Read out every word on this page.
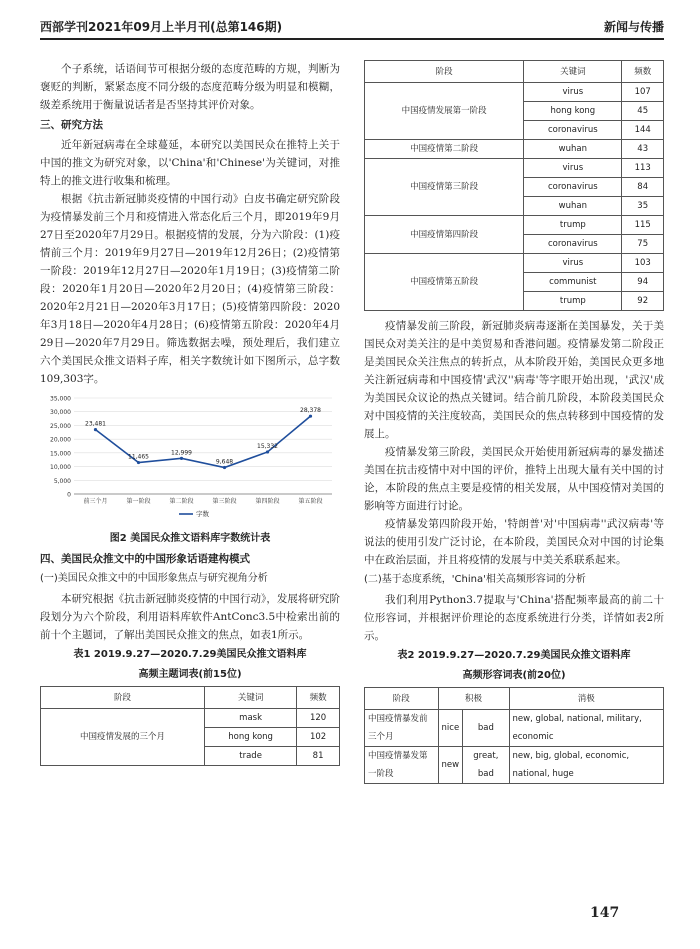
西部学刊2021年09月上半月刊(总第146期)	新闻与传播

个子系统，话语间节可根据分级的态度范畴的方规，判断为褒贬的判断，紧紧态度不同分级的态度范畴分级为明显和模糊，级差系统用于衡量说话者是否坚持其评价对象。

三、研究方法

近年新冠病毒在全球蔓延，本研究以美国民众在推特上关于中国的推文为研究对象，以'China'和'Chinese'为关键词，对推特上的推文进行收集和梳理。

根据《抗击新冠肺炎疫情的中国行动》白皮书确定研究阶段为疫情暴发前三个月和疫情进入常态化后三个月，即2019年9月27日至2020年7月29日。根据疫情的发展，分为六阶段：(1)疫情前三个月：2019年9月27日—2019年12月26日；(2)疫情第一阶段：2019年12月27日—2020年1月19日；(3)疫情第二阶段：2020年1月20日—2020年2月20日；(4)疫情第三阶段：2020年2月21日—2020年3月17日；(5)疫情第四阶段：2020年3月18日—2020年4月28日；(6)疫情第五阶段：2020年4月29日—2020年7月29日。筛选数据去噪，预处理后，我们建立六个美国民众推文语料子库，相关字数统计如下图所示，总字数109,303字。

0
5,000
10,000
15,000
20,000
25,000
30,000
35,000
前三个月	第一阶段	第二阶段	第三阶段	第四阶段	第五阶段
23,481
11,465
12,999
9,648
15,332
28,378
字数

图2 美国民众推文语料库字数统计表

四、美国民众推文中的中国形象话语建构模式

(一)美国民众推文中的中国形象焦点与研究视角分析

本研究根据《抗击新冠肺炎疫情的中国行动》，发展将研究阶段划分为六个阶段，利用语料库软件AntConc3.5中检索出前的前十个主题词，了解出美国民众推文的焦点，如表1所示。

表1 2019.9.27—2020.7.29美国民众推文语料库

高频主题词表(前15位)

阶段	关键词	频数
中国疫情发展的三个月	mask	120
	hong kong	102
	trade	81
阶段	关键词	频数
中国疫情发展第一阶段	virus	107
	hong kong	45
	coronavirus	144
中国疫情第二阶段	wuhan	43
中国疫情第三阶段	virus	113
	coronavirus	84
	wuhan	35
中国疫情第四阶段	trump	115
	coronavirus	75
中国疫情第五阶段	virus	103
	communist	94
	trump	92

疫情暴发前三阶段，新冠肺炎病毒逐渐在美国暴发，关于美国民众对美关注的是中美贸易和香港问题。疫情暴发第二阶段正是美国民众关注焦点的转折点，从本阶段开始，美国民众更多地关注新冠病毒和中国疫情'武汉''病毒'等字眼开始出现，'武汉'成为美国民众议论的热点关键词。结合前几阶段，本阶段美国民众对中国疫情的关注度较高，美国民众的焦点转移到中国疫情的发展上。

疫情暴发第三阶段，美国民众开始使用新冠病毒的暴发描述美国在抗击疫情中对中国的评价，推特上出现大量有关中国的讨论，本阶段的焦点主要是疫情的相关发展，从中国疫情对美国的影响等方面进行讨论。

疫情暴发第四阶段开始，'特朗普'对'中国病毒''武汉病毒'等说法的使用引发广泛讨论，在本阶段，美国民众对中国的讨论集中在政治层面，并且将疫情的发展与中美关系联系起来。

(二)基于态度系统，'China'相关高频形容词的分析

我们利用Python3.7提取与'China'搭配频率最高的前二十位形容词，并根据评价理论的态度系统进行分类，详情如表2所示。

表2 2019.9.27—2020.7.29美国民众推文语料库

高频形容词表(前20位)

阶段	积极		消极
中国疫情暴发前三个月	nice	bad	new, global, national, military, economic
中国疫情暴发第一阶段	new	great, bad	new, big, global, economic, national, huge
147
